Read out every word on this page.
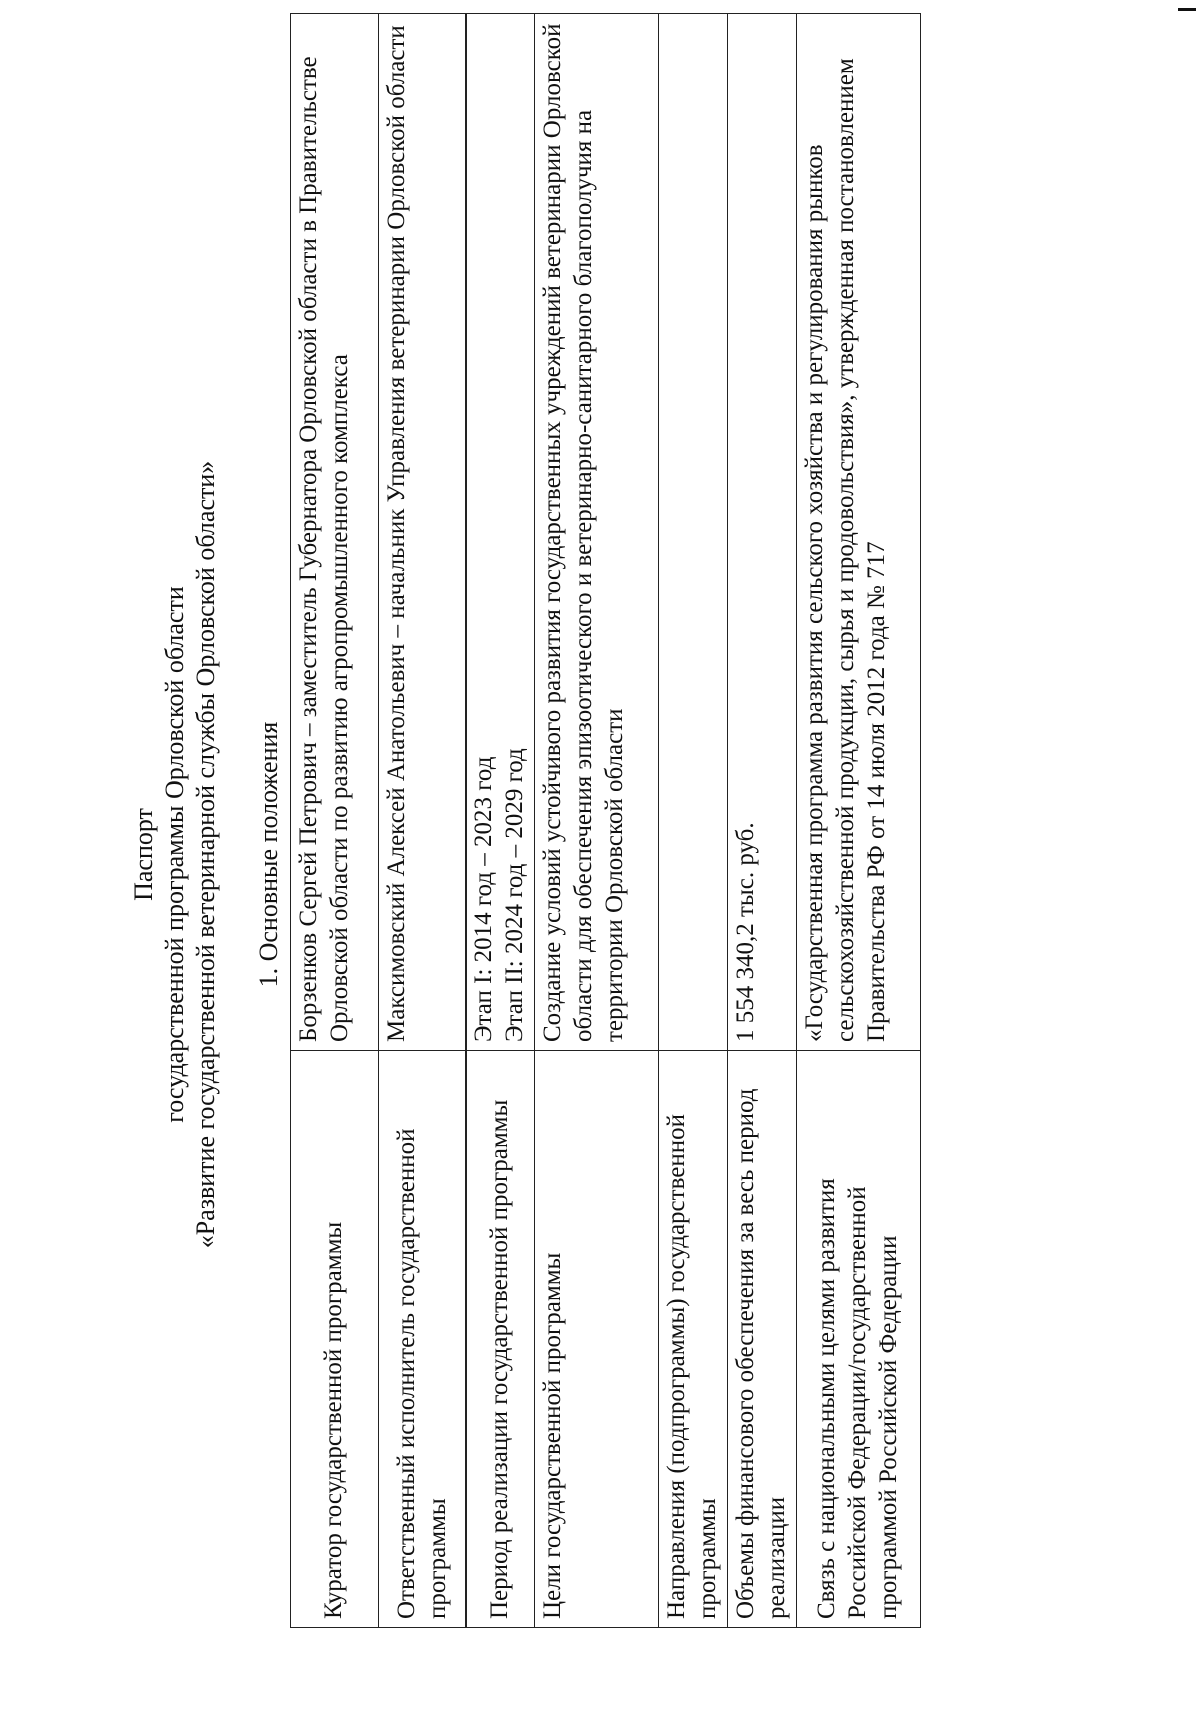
Паспорт государственной программы Орловской области «Развитие государственной ветеринарной службы Орловской области» 1. Основные положения
Куратор государственной программы	Борзенков Сергей Петрович – заместитель Губернатора Орловской области в Правительстве Орловской области по развитию агропромышленного комплекса
Ответственный исполнитель государственной программы	Максимовский Алексей Анатольевич – начальник Управления ветеринарии Орловской области
Период реализации государственной программы	Этап I: 2014 год – 2023 год Этап II: 2024 год – 2029 год

Цели государственной программы	Создание условий устойчивого развития государственных учреждений ветеринарии Орловской области для обеспечения эпизоотического и ветеринарно-санитарного благополучия на территории Орловской области
Направления (подпрограммы) государственной программы	
Объемы финансового обеспечения за весь период реализации	1 554 340,2 тыс. руб.
Связь с национальными целями развития Российской Федерации/государственной программой Российской Федерации	«Государственная программа развития сельского хозяйства и регулирования рынков сельскохозяйственной продукции, сырья и продовольствия», утвержденная постановлением Правительства РФ от 14 июля 2012 года № 717
